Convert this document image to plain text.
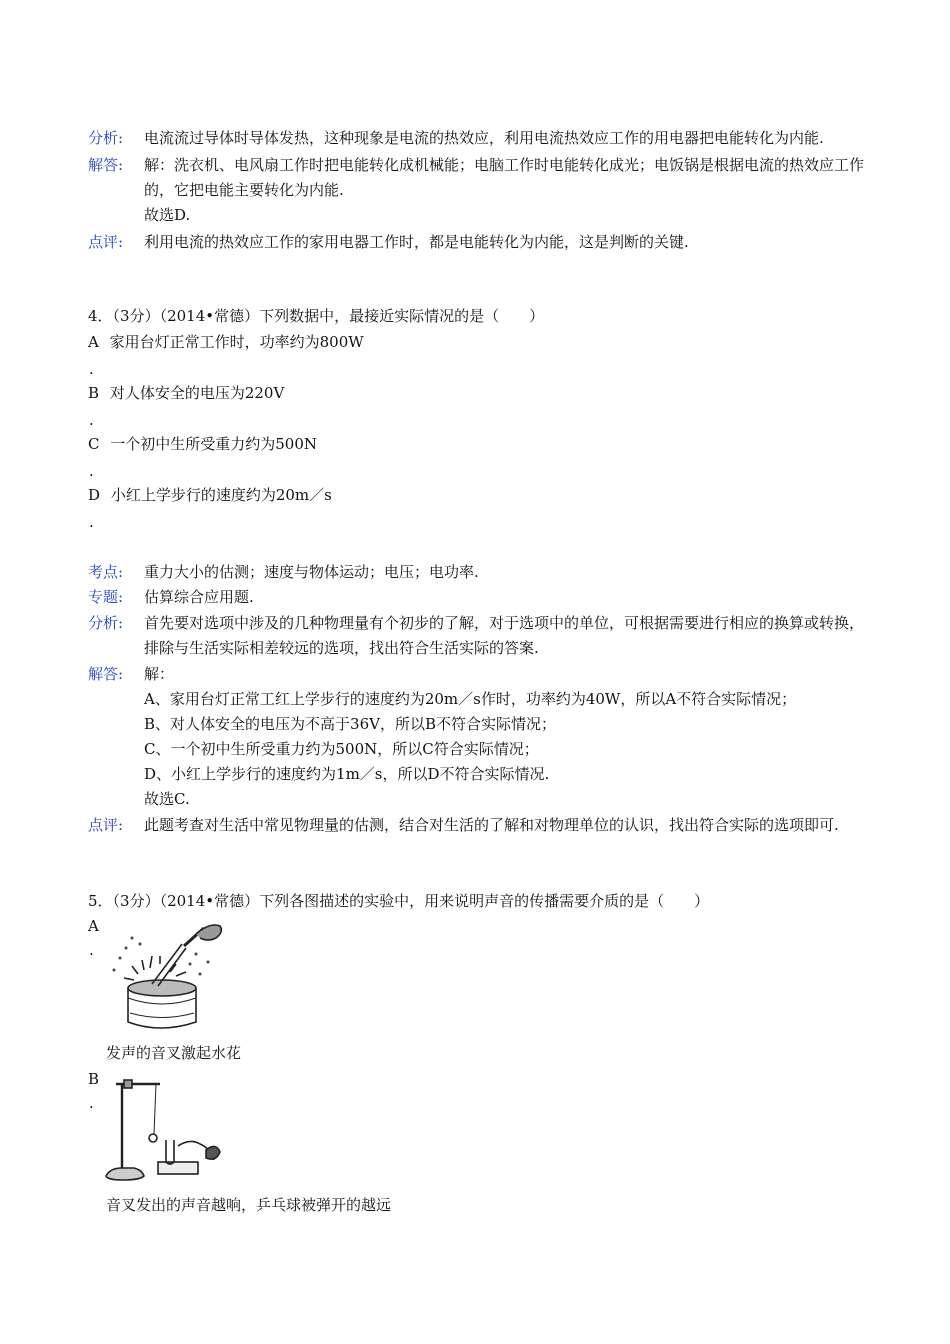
分析: 电流流过导体时导体发热，这种现象是电流的热效应，利用电流热效应工作的用电器把电能转化为内能.
解答: 解：洗衣机、电风扇工作时把电能转化成机械能；电脑工作时电能转化成光；电饭锅是根据电流的热效应工作的，它把电能主要转化为内能.
故选D.
点评: 利用电流的热效应工作的家用电器工作时，都是电能转化为内能，这是判断的关键.
4．（3分）（2014•常德）下列数据中，最接近实际情况的是（　　）
A 家用台灯正常工作时，功率约为800W
.
B 对人体安全的电压为220V
.
C 一个初中生所受重力约为500N
.
D 小红上学步行的速度约为20m／s
.
考点: 重力大小的估测；速度与物体运动；电压；电功率.
专题: 估算综合应用题.
分析: 首先要对选项中涉及的几种物理量有个初步的了解，对于选项中的单位，可根据需要进行相应的换算或转换，排除与生活实际相差较远的选项，找出符合生活实际的答案.
解答: 解：
A、家用台灯正常工红上学步行的速度约为20m／s作时，功率约为40W，所以A不符合实际情况；
B、对人体安全的电压为不高于36V，所以B不符合实际情况；
C、一个初中生所受重力约为500N，所以C符合实际情况；
D、小红上学步行的速度约为1m／s，所以D不符合实际情况.
故选C.
点评: 此题考查对生活中常见物理量的估测，结合对生活的了解和对物理单位的认识，找出符合实际的选项即可.
5．（3分）（2014•常德）下列各图描述的实验中，用来说明声音的传播需要介质的是（　　）
A
.
发声的音叉激起水花
B
.
音叉发出的声音越响，乒乓球被弹开的越远
